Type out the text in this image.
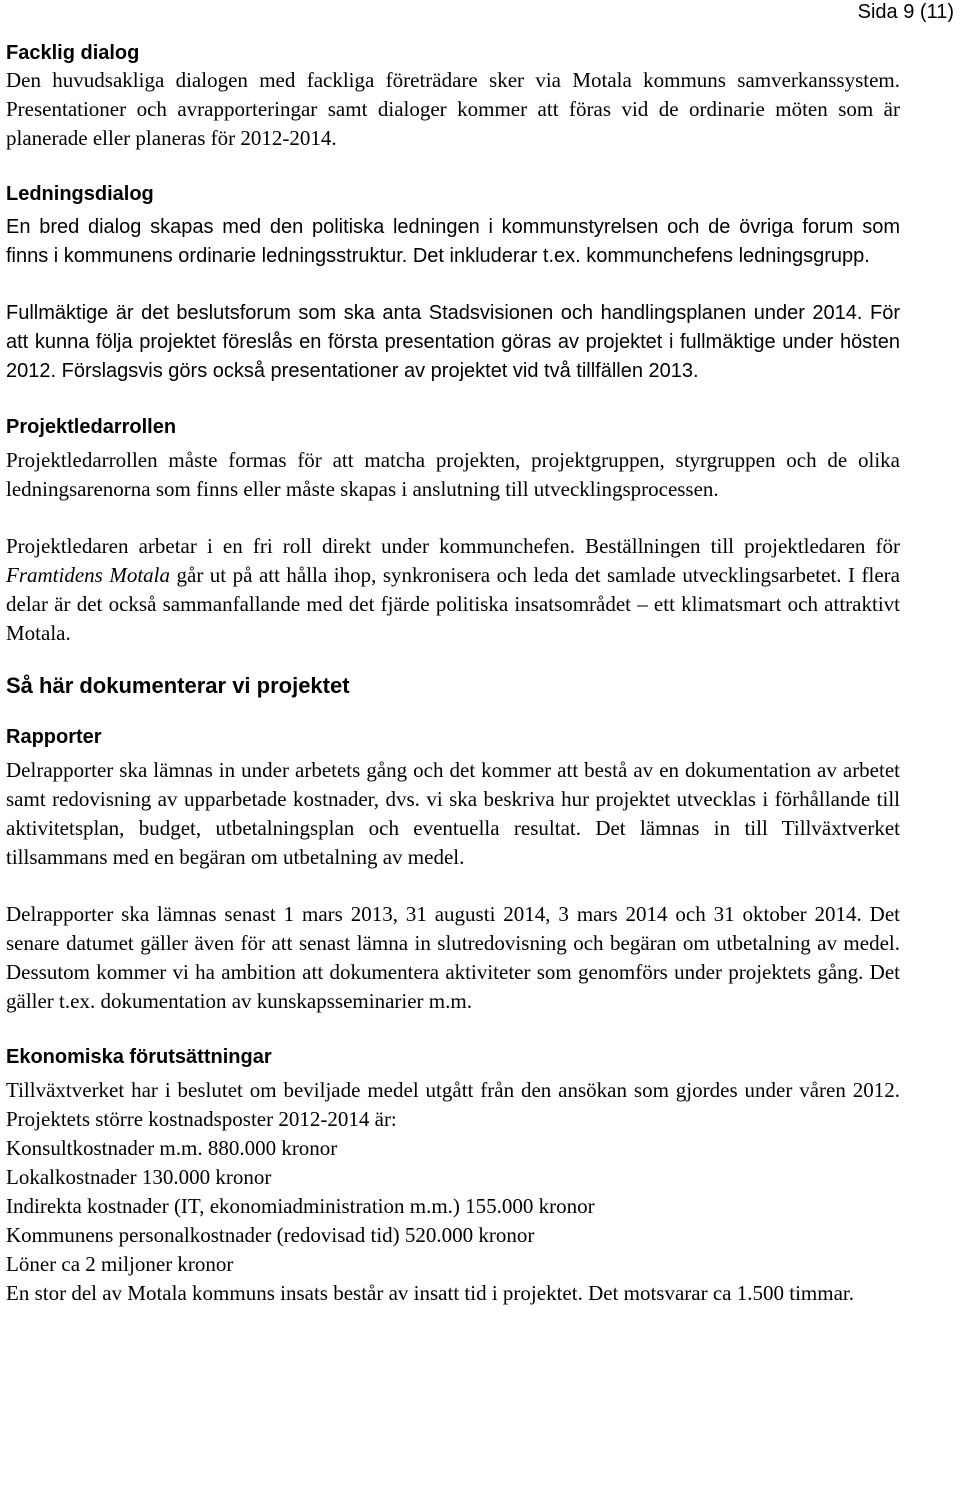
Sida 9 (11)
Facklig dialog

Den huvudsakliga dialogen med fackliga företrädare sker via Motala kommuns samverkanssystem. Presentationer och avrapporteringar samt dialoger kommer att föras vid de ordinarie möten som är planerade eller planeras för 2012-2014.

Ledningsdialog

En bred dialog skapas med den politiska ledningen i kommunstyrelsen och de övriga forum som finns i kommunens ordinarie ledningsstruktur. Det inkluderar t.ex. kommunchefens ledningsgrupp.

Fullmäktige är det beslutsforum som ska anta Stadsvisionen och handlingsplanen under 2014. För att kunna följa projektet föreslås en första presentation göras av projektet i fullmäktige under hösten 2012. Förslagsvis görs också presentationer av projektet vid två tillfällen 2013.

Projektledarrollen

Projektledarrollen måste formas för att matcha projekten, projektgruppen, styrgruppen och de olika ledningsarenorna som finns eller måste skapas i anslutning till utvecklingsprocessen.

Projektledaren arbetar i en fri roll direkt under kommunchefen. Beställningen till projektledaren för Framtidens Motala går ut på att hålla ihop, synkronisera och leda det samlade utvecklingsarbetet. I flera delar är det också sammanfallande med det fjärde politiska insatsområdet – ett klimatsmart och attraktivt Motala.

Så här dokumenterar vi projektet
Rapporter

Delrapporter ska lämnas in under arbetets gång och det kommer att bestå av en dokumentation av arbetet samt redovisning av upparbetade kostnader, dvs. vi ska beskriva hur projektet utvecklas i förhållande till aktivitetsplan, budget, utbetalningsplan och eventuella resultat. Det lämnas in till Tillväxtverket tillsammans med en begäran om utbetalning av medel.

Delrapporter ska lämnas senast 1 mars 2013, 31 augusti 2014, 3 mars 2014 och 31 oktober 2014. Det senare datumet gäller även för att senast lämna in slutredovisning och begäran om utbetalning av medel. Dessutom kommer vi ha ambition att dokumentera aktiviteter som genomförs under projektets gång. Det gäller t.ex. dokumentation av kunskapsseminarier m.m.

Ekonomiska förutsättningar

Tillväxtverket har i beslutet om beviljade medel utgått från den ansökan som gjordes under våren 2012. Projektets större kostnadsposter 2012-2014 är:

Konsultkostnader m.m. 880.000 kronor
Lokalkostnader 130.000 kronor
Indirekta kostnader (IT, ekonomiadministration m.m.) 155.000 kronor
Kommunens personalkostnader (redovisad tid) 520.000 kronor
Löner ca 2 miljoner kronor

En stor del av Motala kommuns insats består av insatt tid i projektet. Det motsvarar ca 1.500 timmar.
